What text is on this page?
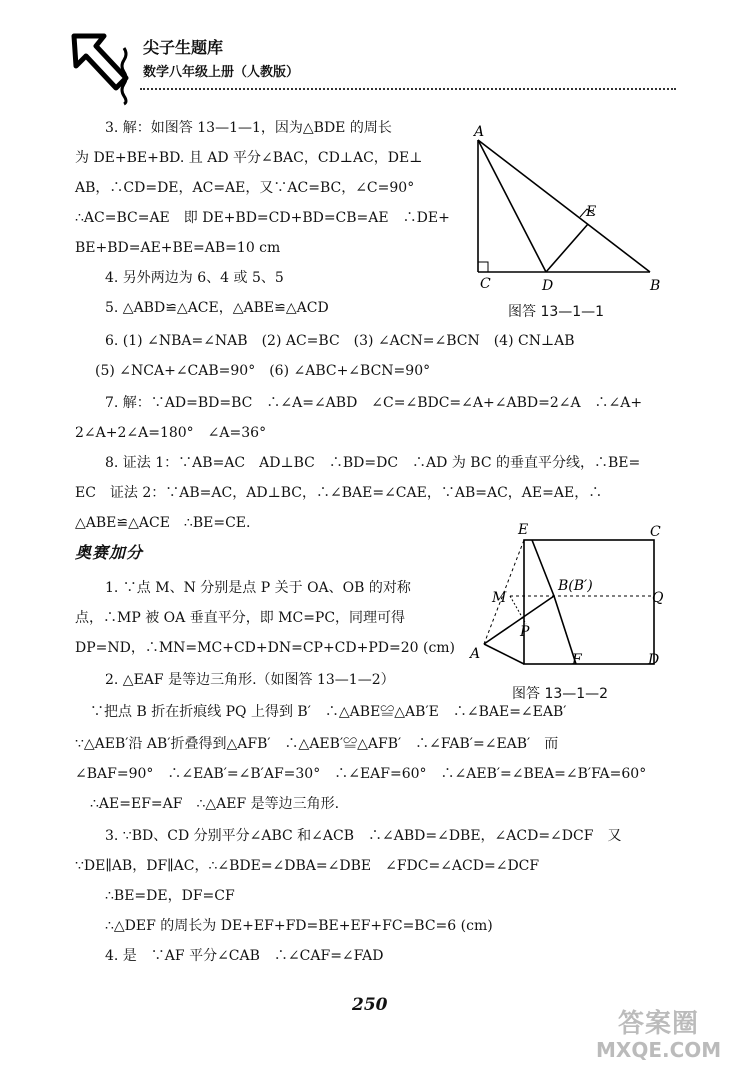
尖子生题库
数学八年级上册（人教版）
3. 解：如图答 13—1—1，因为△BDE 的周长
为 DE+BE+BD. 且 AD 平分∠BAC，CD⊥AC，DE⊥
AB，∴CD=DE，AC=AE，又∵AC=BC，∠C=90°
∴AC=BC=AE　即 DE+BD=CD+BD=CB=AE　∴DE+
BE+BD=AE+BE=AB=10 cm
4. 另外两边为 6、4 或 5、5
5. △ABD≌△ACE，△ABE≌△ACD
6. (1) ∠NBA=∠NAB　(2) AC=BC　(3) ∠ACN=∠BCN　(4) CN⊥AB
(5) ∠NCA+∠CAB=90°　(6) ∠ABC+∠BCN=90°
7. 解：∵AD=BD=BC　∴∠A=∠ABD　∠C=∠BDC=∠A+∠ABD=2∠A　∴∠A+
2∠A+2∠A=180°　∠A=36°
8. 证法 1：∵AB=AC　AD⊥BC　∴BD=DC　∴AD 为 BC 的垂直平分线，∴BE=
EC　证法 2：∵AB=AC，AD⊥BC，∴∠BAE=∠CAE，∵AB=AC，AE=AE，∴
△ABE≌△ACE　∴BE=CE.
奥赛加分
1. ∵点 M、N 分别是点 P 关于 OA、OB 的对称
点，∴MP 被 OA 垂直平分，即 MC=PC，同理可得
DP=ND，∴MN=MC+CD+DN=CP+CD+PD=20 (cm)
2. △EAF 是等边三角形.（如图答 13—1—2）
∵把点 B 折在折痕线 PQ 上得到 B′　∴△ABE≌△AB′E　∴∠BAE=∠EAB′
∵△AEB′沿 AB′折叠得到△AFB′　∴△AEB′≌△AFB′　∴∠FAB′=∠EAB′　而
∠BAF=90°　∴∠EAB′=∠B′AF=30°　∴∠EAF=60°　∴∠AEB′=∠BEA=∠B′FA=60°
∴AE=EF=AF　∴△AEF 是等边三角形.
3. ∵BD、CD 分别平分∠ABC 和∠ACB　∴∠ABD=∠DBE，∠ACD=∠DCF　又
∵DE∥AB，DF∥AC，∴∠BDE=∠DBA=∠DBE　∠FDC=∠ACD=∠DCF
∴BE=DE，DF=CF
∴△DEF 的周长为 DE+EF+FD=BE+EF+FC=BC=6 (cm)
4. 是　∵AF 平分∠CAB　∴∠CAF=∠FAD
A
E
C	D	B
图答 13—1—1
E	C
B(B′)
M	Q
P
A	F	D
图答 13—1—2
250
答案圈
MXQE.COM
